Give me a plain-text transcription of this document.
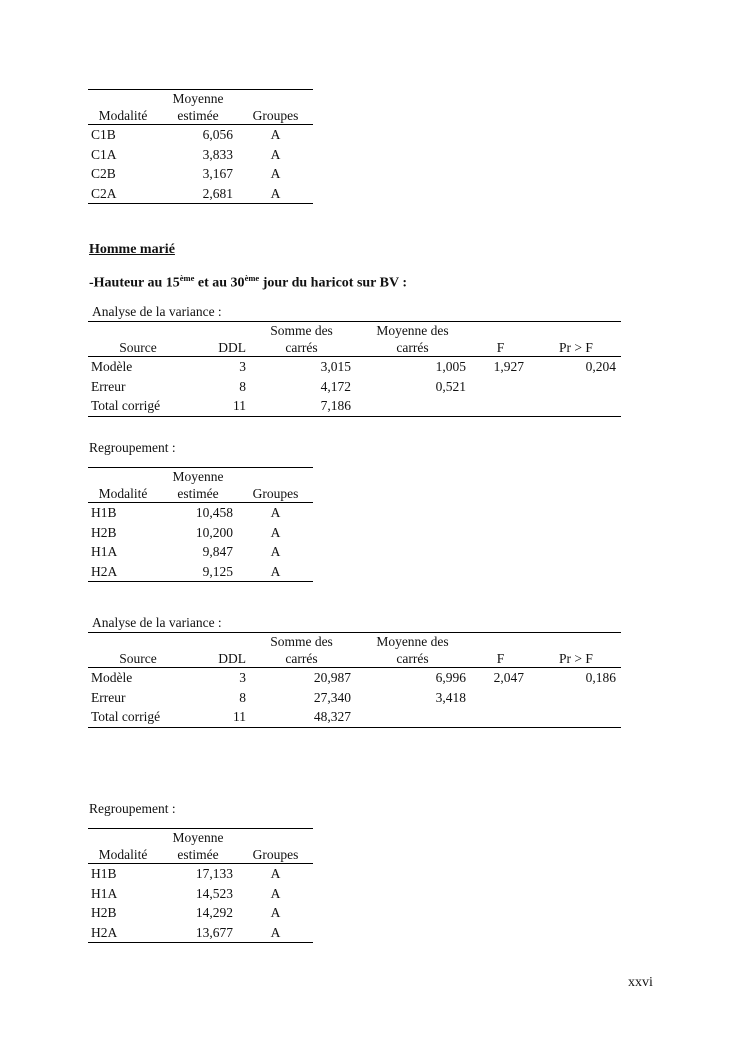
	Moyenne	
Modalité	estimée	Groupes
C1B	6,056	A
C1A	3,833	A
C2B	3,167	A
C2A	2,681	A
Homme marié
-Hauteur au 15ème et au 30ème jour du haricot sur BV :
Analyse de la variance :
		Somme des	Moyenne des		
Source	DDL	carrés	carrés	F	Pr > F
Modèle	3	3,015	1,005	1,927	0,204
Erreur	8	4,172	0,521		
Total corrigé	11	7,186			
Regroupement :
	Moyenne	
Modalité	estimée	Groupes
H1B	10,458	A
H2B	10,200	A
H1A	9,847	A
H2A	9,125	A
Analyse de la variance :
		Somme des	Moyenne des		
Source	DDL	carrés	carrés	F	Pr > F
Modèle	3	20,987	6,996	2,047	0,186
Erreur	8	27,340	3,418		
Total corrigé	11	48,327			
Regroupement :
	Moyenne	
Modalité	estimée	Groupes
H1B	17,133	A
H1A	14,523	A
H2B	14,292	A
H2A	13,677	A
xxvi
